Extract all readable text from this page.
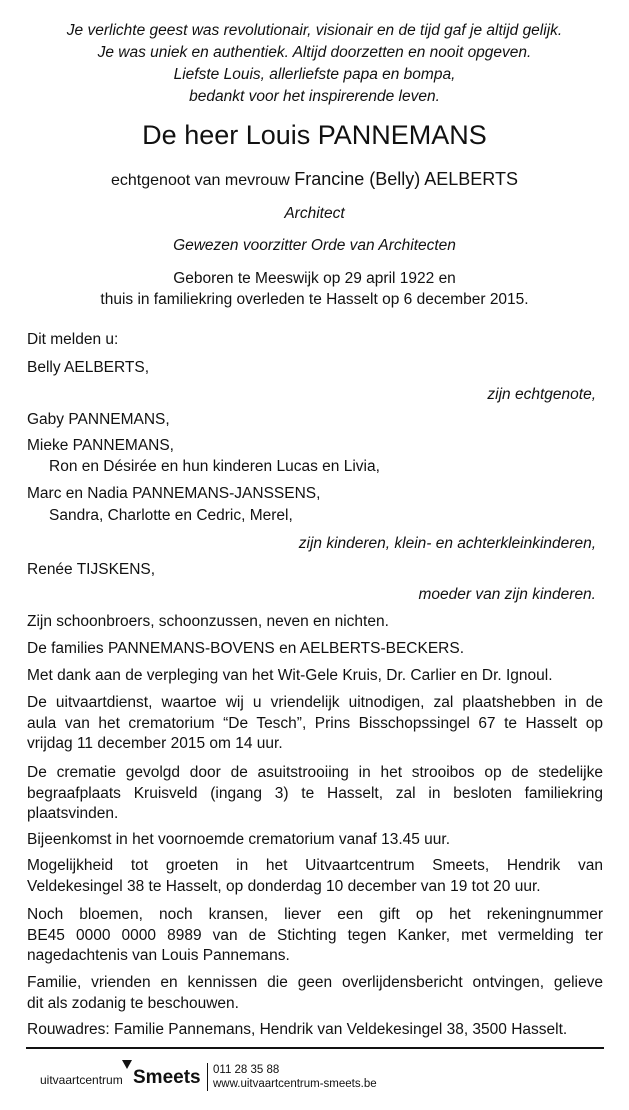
Je verlichte geest was revolutionair, visionair en de tijd gaf je altijd gelijk.
Je was uniek en authentiek. Altijd doorzetten en nooit opgeven.
Liefste Louis, allerliefste papa en bompa,
bedankt voor het inspirerende leven.
De heer Louis PANNEMANS
echtgenoot van mevrouw Francine (Belly) AELBERTS
Architect
Gewezen voorzitter Orde van Architecten
Geboren te Meeswijk op 29 april 1922 en
thuis in familiekring overleden te Hasselt op 6 december 2015.
Dit melden u:
Belly AELBERTS,
zijn echtgenote,
Gaby PANNEMANS,
Mieke PANNEMANS,
Ron en Désirée en hun kinderen Lucas en Livia,
Marc en Nadia PANNEMANS-JANSSENS,
Sandra, Charlotte en Cedric, Merel,
zijn kinderen, klein- en achterkleinkinderen,
Renée TIJSKENS,
moeder van zijn kinderen.
Zijn schoonbroers, schoonzussen, neven en nichten.
De families PANNEMANS-BOVENS en AELBERTS-BECKERS.
Met dank aan de verpleging van het Wit-Gele Kruis, Dr. Carlier en Dr. Ignoul.
De uitvaartdienst, waartoe wij u vriendelijk uitnodigen, zal plaatshebben in de
aula van het crematorium “De Tesch”, Prins Bisschopssingel 67 te Hasselt op
vrijdag 11 december 2015 om 14 uur.
De crematie gevolgd door de asuitstrooiing in het strooibos op de stedelijke
begraafplaats Kruisveld (ingang 3) te Hasselt, zal in besloten familiekring
plaatsvinden.
Bijeenkomst in het voornoemde crematorium vanaf 13.45 uur.
Mogelijkheid tot groeten in het Uitvaartcentrum Smeets, Hendrik van
Veldekesingel 38 te Hasselt, op donderdag 10 december van 19 tot 20 uur.
Noch bloemen, noch kransen, liever een gift op het rekeningnummer
BE45 0000 0000 8989 van de Stichting tegen Kanker, met vermelding ter
nagedachtenis van Louis Pannemans.
Familie, vrienden en kennissen die geen overlijdensbericht ontvingen, gelieve
dit als zodanig te beschouwen.
Rouwadres: Familie Pannemans, Hendrik van Veldekesingel 38, 3500 Hasselt.
uitvaartcentrum Smeets 011 28 35 88
www.uitvaartcentrum-smeets.be
